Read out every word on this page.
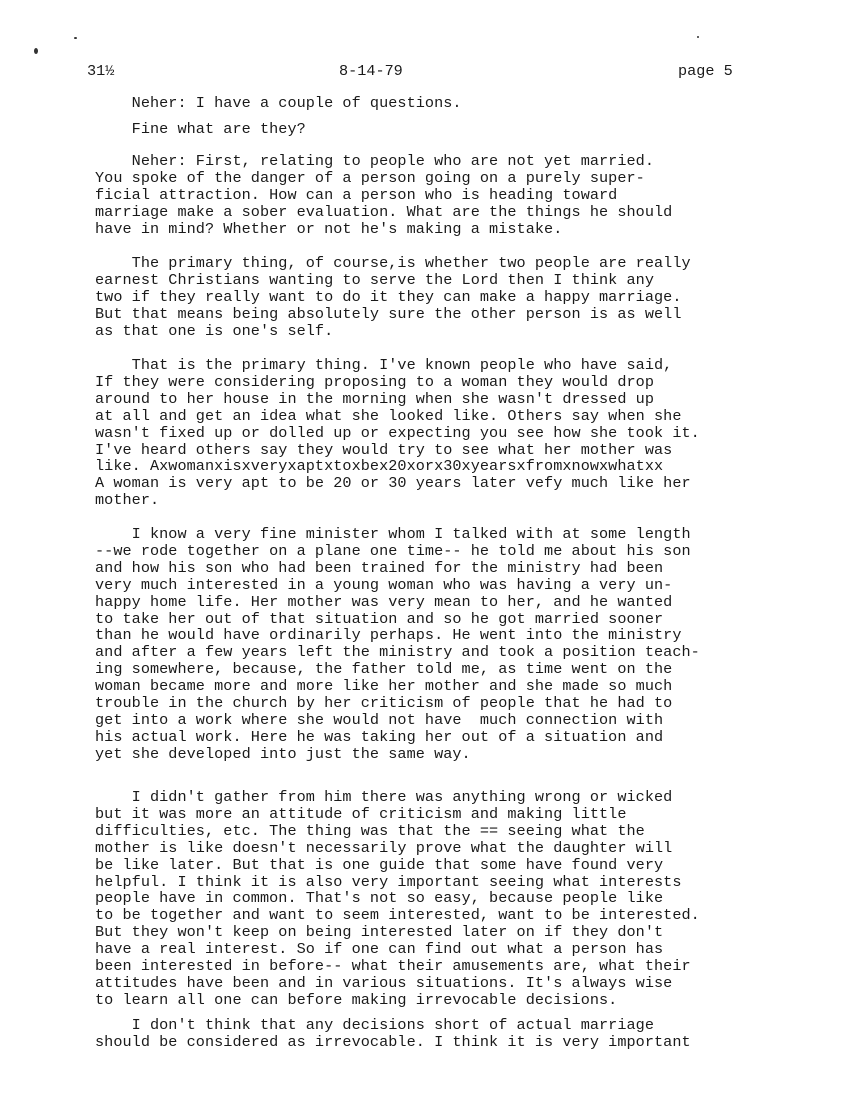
31½	8-14-79	page 5
Neher: I have a couple of questions.
Fine what are they?
Neher: First, relating to people who are not yet married.
You spoke of the danger of a person going on a purely super-
ficial attraction. How can a person who is heading toward
marriage make a sober evaluation. What are the things he should
have in mind? Whether or not he's making a mistake.
The primary thing, of course,is whether two people are really
earnest Christians wanting to serve the Lord then I think any
two if they really want to do it they can make a happy marriage.
But that means being absolutely sure the other person is as well
as that one is one's self.
That is the primary thing. I've known people who have said,
If they were considering proposing to a woman they would drop
around to her house in the morning when she wasn't dressed up
at all and get an idea what she looked like. Others say when she
wasn't fixed up or dolled up or expecting you see how she took it.
I've heard others say they would try to see what her mother was
like. Axwomanxisxveryxaptxtoxbex20xorx30xyearsxfromxnowxwhatxx
A woman is very apt to be 20 or 30 years later vefy much like her
mother.
I know a very fine minister whom I talked with at some length
--we rode together on a plane one time-- he told me about his son
and how his son who had been trained for the ministry had been
very much interested in a young woman who was having a very un-
happy home life. Her mother was very mean to her, and he wanted
to take her out of that situation and so he got married sooner
than he would have ordinarily perhaps. He went into the ministry
and after a few years left the ministry and took a position teach-
ing somewhere, because, the father told me, as time went on the
woman became more and more like her mother and she made so much
trouble in the church by her criticism of people that he had to
get into a work where she would not have  much connection with
his actual work. Here he was taking her out of a situation and
yet she developed into just the same way.
I didn't gather from him there was anything wrong or wicked
but it was more an attitude of criticism and making little
difficulties, etc. The thing was that the == seeing what the
mother is like doesn't necessarily prove what the daughter will
be like later. But that is one guide that some have found very
helpful. I think it is also very important seeing what interests
people have in common. That's not so easy, because people like
to be together and want to seem interested, want to be interested.
But they won't keep on being interested later on if they don't
have a real interest. So if one can find out what a person has
been interested in before-- what their amusements are, what their
attitudes have been and in various situations. It's always wise
to learn all one can before making irrevocable decisions.
I don't think that any decisions short of actual marriage
should be considered as irrevocable. I think it is very important
